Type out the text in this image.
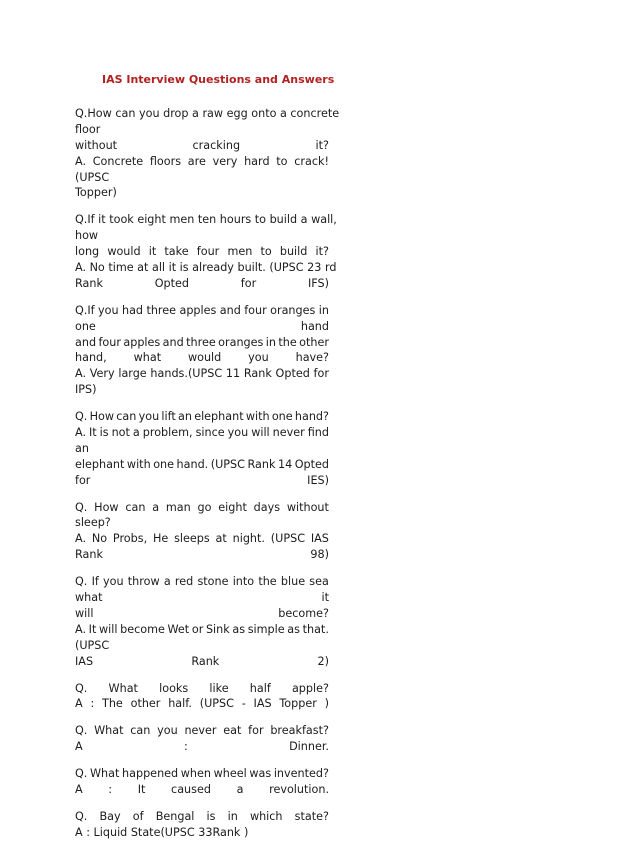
IAS Interview Questions and Answers
Q.How can you drop a raw egg onto a concrete
floor
without	cracking	it?
A. Concrete floors are very hard to crack!
(UPSC
Topper)
Q.If it took eight men ten hours to build a wall,
how
long would it take four men to build it?
A. No time at all it is already built. (UPSC 23 rd
Rank	Opted	for	IFS)
Q.If you had three apples and four oranges in
one	hand
and four apples and three oranges in the other
hand, what would you have?
A. Very large hands.(UPSC 11 Rank Opted for
IPS)
Q. How can you lift an elephant with one hand?
A. It is not a problem, since you will never find
an
elephant with one hand. (UPSC Rank 14 Opted
for	IES)
Q. How can a man go eight days without
sleep?
A. No Probs, He sleeps at night. (UPSC IAS
Rank	98)
Q. If you throw a red stone into the blue sea
what	it
will	become?
A. It will become Wet or Sink as simple as that.
(UPSC
IAS	Rank	2)
Q. What looks like half apple?
A : The other half. (UPSC - IAS Topper )
Q. What can you never eat for breakfast?
A	:	Dinner.
Q. What happened when wheel was invented?
A : It caused a revolution.
Q. Bay of Bengal is in which state?
A : Liquid State(UPSC 33Rank )
